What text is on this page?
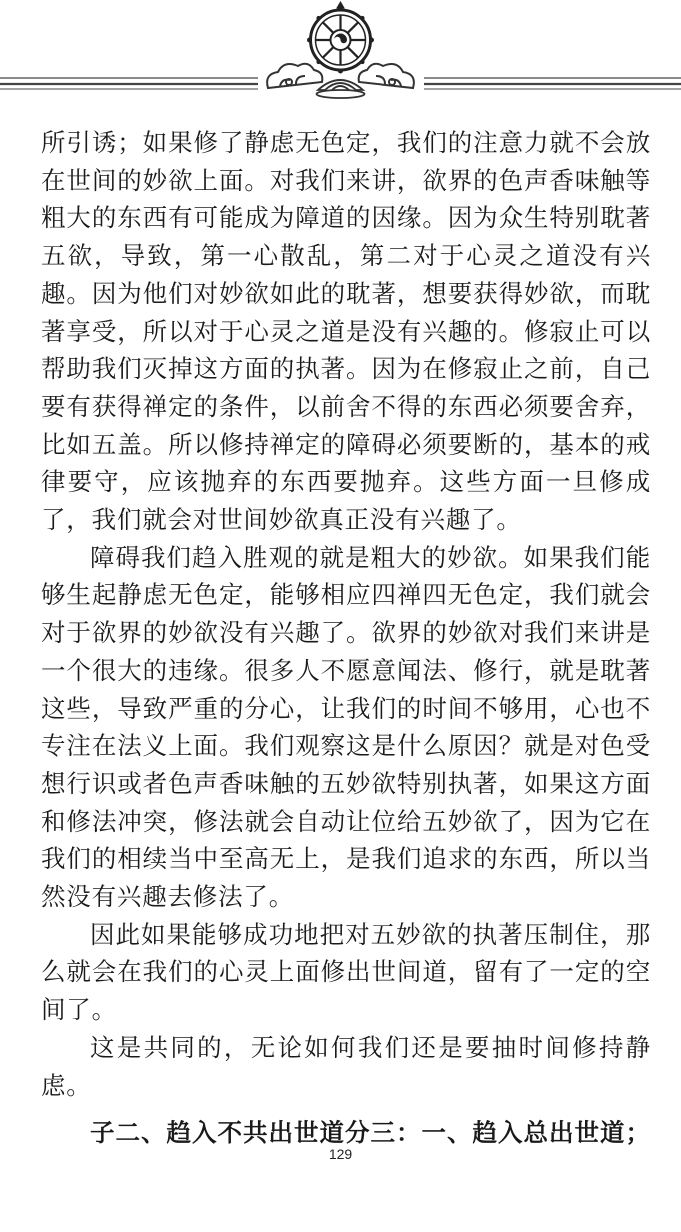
所引诱；如果修了静虑无色定，我们的注意力就不会放在世间的妙欲上面。对我们来讲，欲界的色声香味触等粗大的东西有可能成为障道的因缘。因为众生特别耽著五欲，导致，第一心散乱，第二对于心灵之道没有兴趣。因为他们对妙欲如此的耽著，想要获得妙欲，而耽著享受，所以对于心灵之道是没有兴趣的。修寂止可以帮助我们灭掉这方面的执著。因为在修寂止之前，自己要有获得禅定的条件，以前舍不得的东西必须要舍弃，比如五盖。所以修持禅定的障碍必须要断的，基本的戒律要守，应该抛弃的东西要抛弃。这些方面一旦修成了，我们就会对世间妙欲真正没有兴趣了。

障碍我们趋入胜观的就是粗大的妙欲。如果我们能够生起静虑无色定，能够相应四禅四无色定，我们就会对于欲界的妙欲没有兴趣了。欲界的妙欲对我们来讲是一个很大的违缘。很多人不愿意闻法、修行，就是耽著这些，导致严重的分心，让我们的时间不够用，心也不专注在法义上面。我们观察这是什么原因？就是对色受想行识或者色声香味触的五妙欲特别执著，如果这方面和修法冲突，修法就会自动让位给五妙欲了，因为它在我们的相续当中至高无上，是我们追求的东西，所以当然没有兴趣去修法了。

因此如果能够成功地把对五妙欲的执著压制住，那么就会在我们的心灵上面修出世间道，留有了一定的空间了。

这是共同的，无论如何我们还是要抽时间修持静虑。

子二、趋入不共出世道分三：一、趋入总出世道；

129
